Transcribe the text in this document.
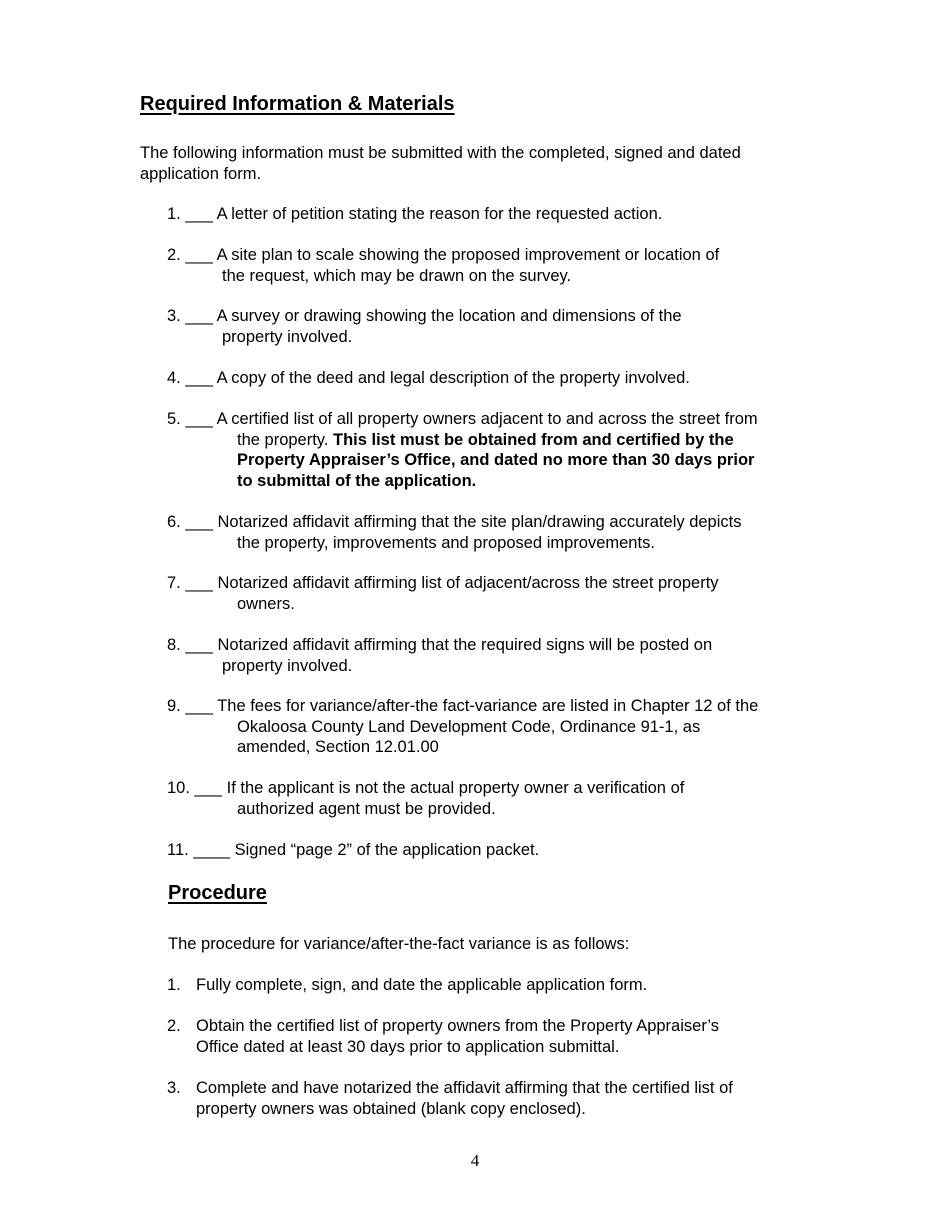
Required Information & Materials
The following information must be submitted with the completed, signed and dated
application form.
1. ___ A letter of petition stating the reason for the requested action.
2. ___ A site plan to scale showing the proposed improvement or location of
the request, which may be drawn on the survey.
3. ___ A survey or drawing showing the location and dimensions of the
property involved.
4. ___ A copy of the deed and legal description of the property involved.
5. ___ A certified list of all property owners adjacent to and across the street from
the property. This list must be obtained from and certified by the
Property Appraiser’s Office, and dated no more than 30 days prior
to submittal of the application.
6. ___ Notarized affidavit affirming that the site plan/drawing accurately depicts
the property, improvements and proposed improvements.
7. ___ Notarized affidavit affirming list of adjacent/across the street property
owners.
8. ___ Notarized affidavit affirming that the required signs will be posted on
property involved.
9. ___ The fees for variance/after-the fact-variance are listed in Chapter 12 of the
Okaloosa County Land Development Code, Ordinance 91-1, as
amended, Section 12.01.00
10. ___ If the applicant is not the actual property owner a verification of
authorized agent must be provided.
11. ____ Signed “page 2” of the application packet.
Procedure
The procedure for variance/after-the-fact variance is as follows:
1. Fully complete, sign, and date the applicable application form.
2. Obtain the certified list of property owners from the Property Appraiser’s
Office dated at least 30 days prior to application submittal.
3. Complete and have notarized the affidavit affirming that the certified list of
property owners was obtained (blank copy enclosed).
4
